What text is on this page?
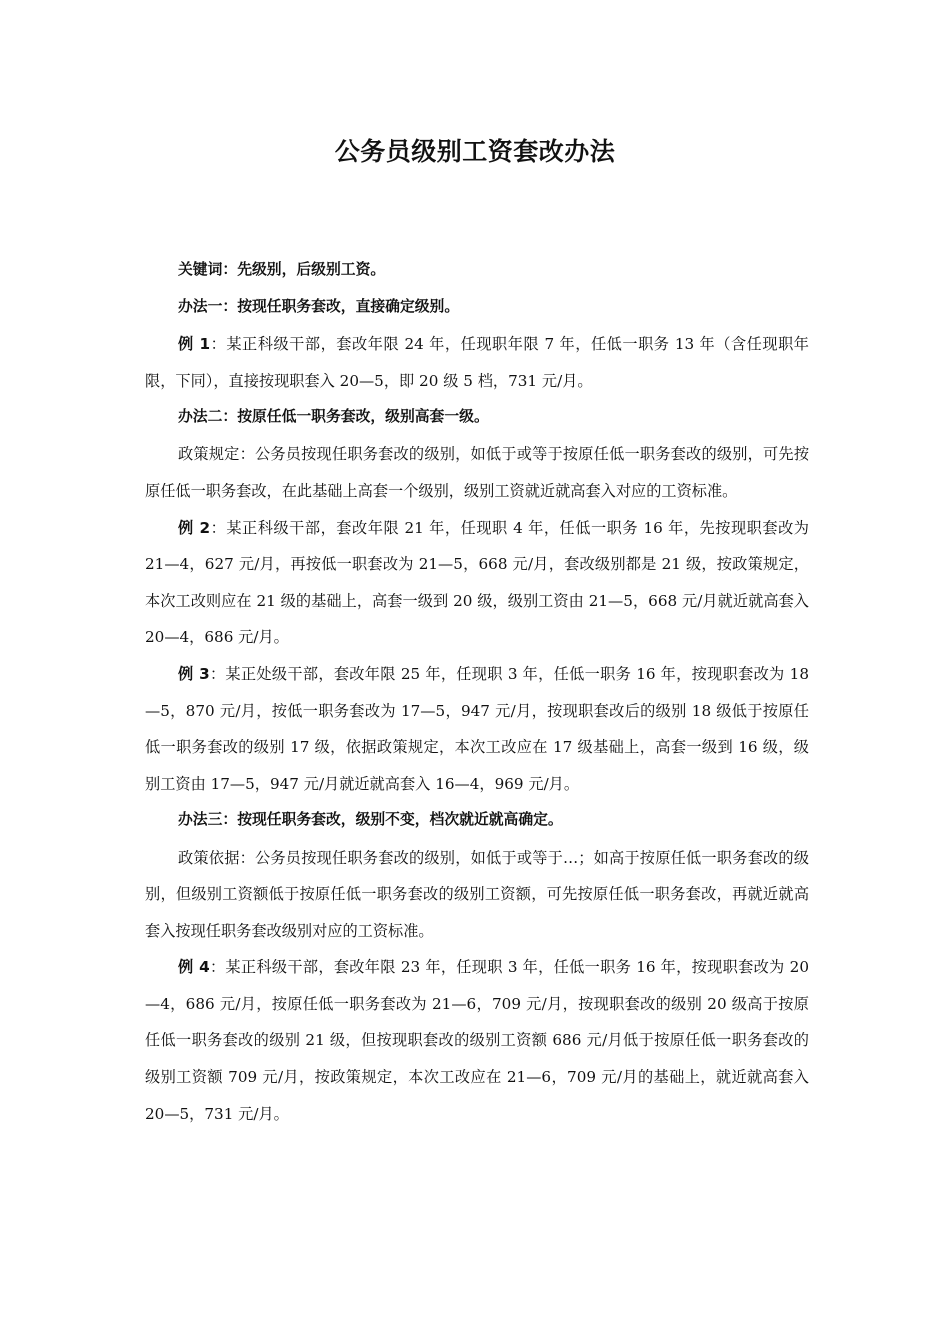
公务员级别工资套改办法

关键词：先级别，后级别工资。

办法一：按现任职务套改，直接确定级别。

例 1：某正科级干部，套改年限 24 年，任现职年限 7 年，任低一职务 13 年（含任现职年限，下同），直接按现职套入 20—5，即 20 级 5 档，731 元/月。

办法二：按原任低一职务套改，级别高套一级。

政策规定：公务员按现任职务套改的级别，如低于或等于按原任低一职务套改的级别，可先按原任低一职务套改，在此基础上高套一个级别，级别工资就近就高套入对应的工资标准。

例 2：某正科级干部，套改年限 21 年，任现职 4 年，任低一职务 16 年，先按现职套改为 21—4，627 元/月，再按低一职套改为 21—5，668 元/月，套改级别都是 21 级，按政策规定，本次工改则应在 21 级的基础上，高套一级到 20 级，级别工资由 21—5，668 元/月就近就高套入 20—4，686 元/月。

例 3：某正处级干部，套改年限 25 年，任现职 3 年，任低一职务 16 年，按现职套改为 18—5，870 元/月，按低一职务套改为 17—5，947 元/月，按现职套改后的级别 18 级低于按原任低一职务套改的级别 17 级，依据政策规定，本次工改应在 17 级基础上，高套一级到 16 级，级别工资由 17—5，947 元/月就近就高套入 16—4，969 元/月。

办法三：按现任职务套改，级别不变，档次就近就高确定。

政策依据：公务员按现任职务套改的级别，如低于或等于…；如高于按原任低一职务套改的级别，但级别工资额低于按原任低一职务套改的级别工资额，可先按原任低一职务套改，再就近就高套入按现任职务套改级别对应的工资标准。

例 4：某正科级干部，套改年限 23 年，任现职 3 年，任低一职务 16 年，按现职套改为 20—4，686 元/月，按原任低一职务套改为 21—6，709 元/月，按现职套改的级别 20 级高于按原任低一职务套改的级别 21 级，但按现职套改的级别工资额 686 元/月低于按原任低一职务套改的级别工资额 709 元/月，按政策规定，本次工改应在 21—6，709 元/月的基础上，就近就高套入 20—5，731 元/月。
